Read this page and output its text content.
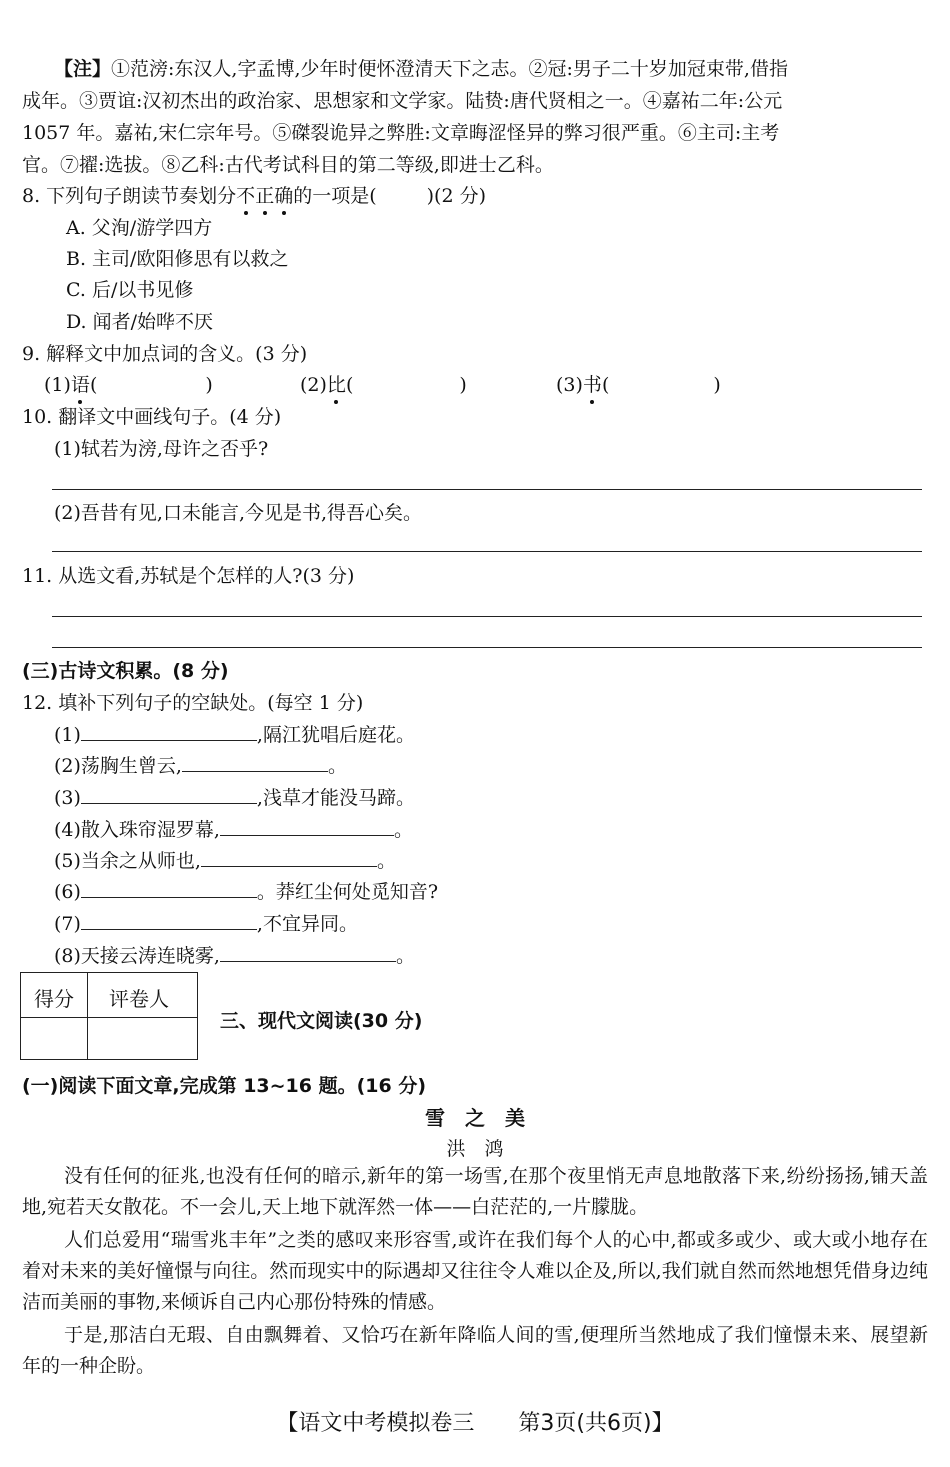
【注】①范滂:东汉人,字孟博,少年时便怀澄清天下之志。②冠:男子二十岁加冠束带,借指
成年。③贾谊:汉初杰出的政治家、思想家和文学家。陆贽:唐代贤相之一。④嘉祐二年:公元
1057 年。嘉祐,宋仁宗年号。⑤磔裂诡异之弊胜:文章晦涩怪异的弊习很严重。⑥主司:主考
官。⑦擢:选拔。⑧乙科:古代考试科目的第二等级,即进士乙科。
8. 下列句子朗读节奏划分不正确的一项是(	)(2 分)
A. 父洵/游学四方
B. 主司/欧阳修思有以救之
C. 后/以书见修
D. 闻者/始哗不厌
9. 解释文中加点词的含义。(3 分)
(1)语(	)	(2)比(	)	(3)书(	)
10. 翻译文中画线句子。(4 分)
(1)轼若为滂,母许之否乎?
(2)吾昔有见,口未能言,今见是书,得吾心矣。
11. 从选文看,苏轼是个怎样的人?(3 分)
(三)古诗文积累。(8 分)
12. 填补下列句子的空缺处。(每空 1 分)
(1)	,隔江犹唱后庭花。
(2)荡胸生曾云,	。
(3)	,浅草才能没马蹄。
(4)散入珠帘湿罗幕,	。
(5)当余之从师也,	。
(6)	。莽红尘何处觅知音?
(7)	,不宜异同。
(8)天接云涛连晓雾,	。
得分 评卷人
三、现代文阅读(30 分)
(一)阅读下面文章,完成第 13~16 题。(16 分)
雪　之　美
洪　鸿
没有任何的征兆,也没有任何的暗示,新年的第一场雪,在那个夜里悄无声息地散落下来,纷纷扬扬,铺天盖地,宛若天女散花。不一会儿,天上地下就浑然一体——白茫茫的,一片朦胧。
人们总爱用“瑞雪兆丰年”之类的感叹来形容雪,或许在我们每个人的心中,都或多或少、或大或小地存在着对未来的美好憧憬与向往。然而现实中的际遇却又往往令人难以企及,所以,我们就自然而然地想凭借身边纯洁而美丽的事物,来倾诉自己内心那份特殊的情感。
于是,那洁白无瑕、自由飘舞着、又恰巧在新年降临人间的雪,便理所当然地成了我们憧憬未来、展望新年的一种企盼。
【语文中考模拟卷三　　第3页(共6页)】
